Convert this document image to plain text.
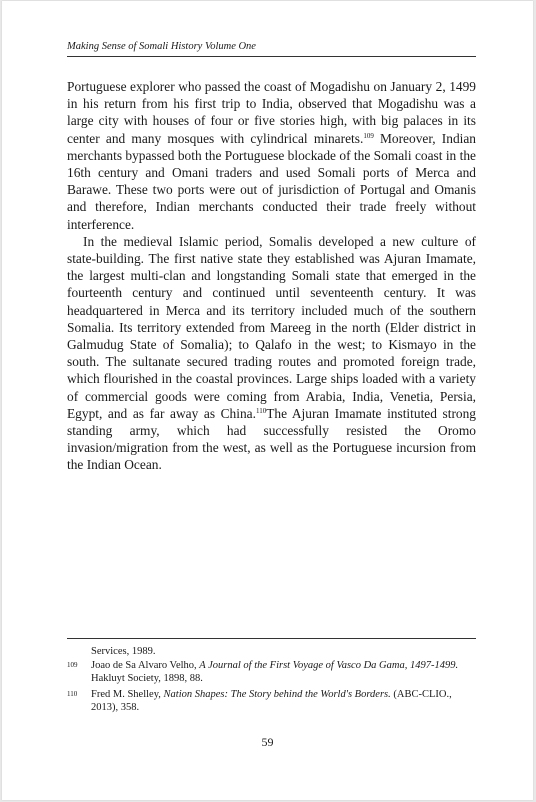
Making Sense of Somali History Volume One

Portuguese explorer who passed the coast of Mogadishu on January 2, 1499 in his return from his first trip to India, observed that Mogadishu was a large city with houses of four or five stories high, with big palaces in its center and many mosques with cylindrical minarets.$^{109}$ Moreover, Indian merchants bypassed both the Portuguese blockade of the Somali coast in the 16th century and Omani traders and used Somali ports of Merca and Barawe. These two ports were out of jurisdiction of Portugal and Omanis and therefore, Indian merchants conducted their trade freely without interference.

In the medieval Islamic period, Somalis developed a new culture of state-building. The first native state they established was Ajuran Imamate, the largest multi-clan and longstanding Somali state that emerged in the fourteenth century and continued until seventeenth century. It was headquartered in Merca and its territory included much of the southern Somalia. Its territory extended from Mareeg in the north (Elder district in Galmudug State of Somalia); to Qalafo in the west; to Kismayo in the south. The sultanate secured trading routes and promoted foreign trade, which flourished in the coastal provinces. Large ships loaded with a variety of commercial goods were coming from Arabia, India, Venetia, Persia, Egypt, and as far away as China.$^{110}$The Ajuran Imamate instituted strong standing army, which had successfully resisted the Oromo invasion/migration from the west, as well as the Portuguese incursion from the Indian Ocean.

Services, 1989.
109	Joao de Sa Alvaro Velho, A Journal of the First Voyage of Vasco Da Gama, 1497-1499. Hakluyt Society, 1898, 88.
110	Fred M. Shelley, Nation Shapes: The Story behind the World's Borders. (ABC-CLIO., 2013), 358.
59
